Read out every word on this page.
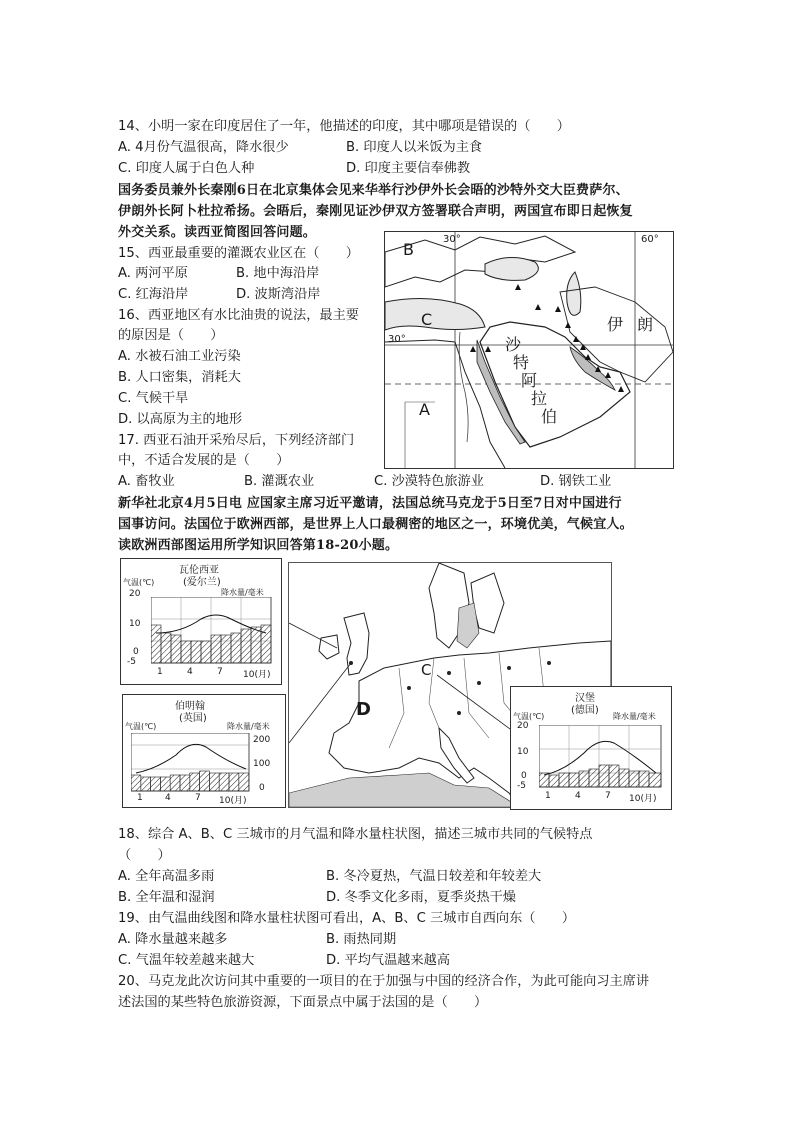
14、小明一家在印度居住了一年，他描述的印度，其中哪项是错误的（　　）
A. 4月份气温很高，降水很少	B. 印度人以米饭为主食
C. 印度人属于白色人种	D. 印度主要信奉佛教
国务委员兼外长秦刚6日在北京集体会见来华举行沙伊外长会晤的沙特外交大臣费萨尔、
伊朗外长阿卜杜拉希扬。会晤后，秦刚见证沙伊双方签署联合声明，两国宣布即日起恢复
外交关系。读西亚简图回答问题。
15、西亚最重要的灌溉农业区在（　　）
A. 两河平原	B. 地中海沿岸
C. 红海沿岸	D. 波斯湾沿岸
16、西亚地区有水比油贵的说法，最主要
的原因是（　　）
A. 水被石油工业污染
B. 人口密集，消耗大
C. 气候干旱
D. 以高原为主的地形
17. 西亚石油开采殆尽后，下列经济部门
中，不适合发展的是（　　）
A. 畜牧业	B. 灌溉农业	C. 沙漠特色旅游业	D. 钢铁工业
B
C
A
30°	60°
30°
伊 朗
沙
特
阿
拉
伯
新华社北京4月5日电 应国家主席习近平邀请，法国总统马克龙于5日至7日对中国进行
国事访问。法国位于欧洲西部，是世界上人口最稠密的地区之一，环境优美，气候宜人。
读欧洲西部图运用所学知识回答第18-20小题。
D
C
瓦伦西亚
(爱尔兰)
气温(℃)
降水量/毫米
20
10
0
-5
1	4	7 10(月)
伯明翰
(英国)
气温(℃)	降水量/毫米
200
100
0
1 4	7 10(月)
汉堡
(德国)
气温(℃)	降水量/毫米
20
10
0
-5
1	4	7 10(月)
18、综合 A、B、C 三城市的月气温和降水量柱状图，描述三城市共同的气候特点
（　　）
A. 全年高温多雨	B. 冬冷夏热，气温日较差和年较差大
B. 全年温和湿润	D. 冬季文化多雨，夏季炎热干燥
19、由气温曲线图和降水量柱状图可看出，A、B、C 三城市自西向东（　　）
A. 降水量越来越多	B. 雨热同期
C. 气温年较差越来越大	D. 平均气温越来越高
20、马克龙此次访问其中重要的一项目的在于加强与中国的经济合作，为此可能向习主席讲
述法国的某些特色旅游资源，下面景点中属于法国的是（　　）
